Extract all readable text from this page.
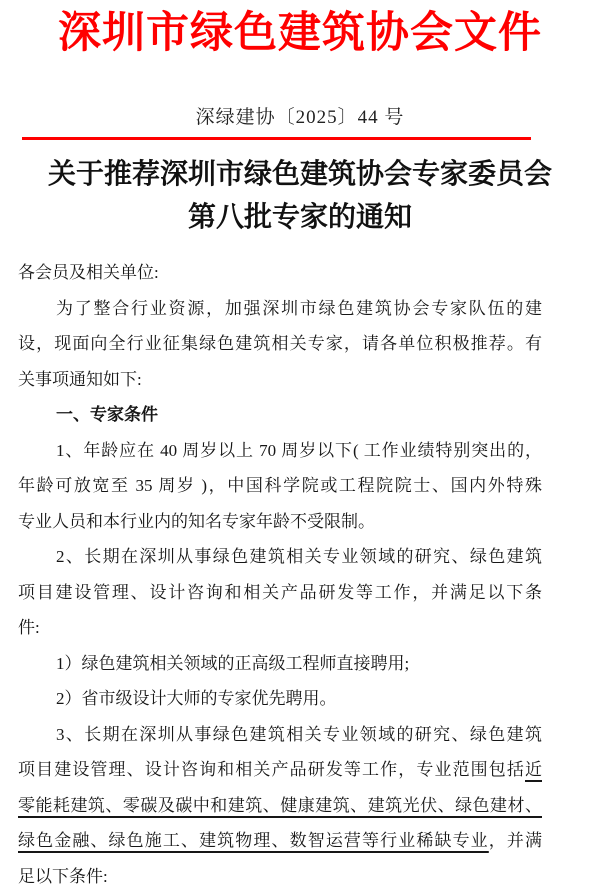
深圳市绿色建筑协会文件
深绿建协〔2025〕44 号
关于推荐深圳市绿色建筑协会专家委员会
第八批专家的通知
各会员及相关单位:
为了整合行业资源，加强深圳市绿色建筑协会专家队伍的建
设，现面向全行业征集绿色建筑相关专家，请各单位积极推荐。有
关事项通知如下:
一、专家条件
1、年龄应在 40 周岁以上 70 周岁以下( 工作业绩特别突出的，
年龄可放宽至 35 周岁 )，中国科学院或工程院院士、国内外特殊
专业人员和本行业内的知名专家年龄不受限制。
2、长期在深圳从事绿色建筑相关专业领域的研究、绿色建筑
项目建设管理、设计咨询和相关产品研发等工作，并满足以下条
件:
1）绿色建筑相关领域的正高级工程师直接聘用;
2）省市级设计大师的专家优先聘用。
3、长期在深圳从事绿色建筑相关专业领域的研究、绿色建筑
项目建设管理、设计咨询和相关产品研发等工作，专业范围包括近
零能耗建筑、零碳及碳中和建筑、健康建筑、建筑光伏、绿色建材、
绿色金融、绿色施工、建筑物理、数智运营等行业稀缺专业，并满
足以下条件:
